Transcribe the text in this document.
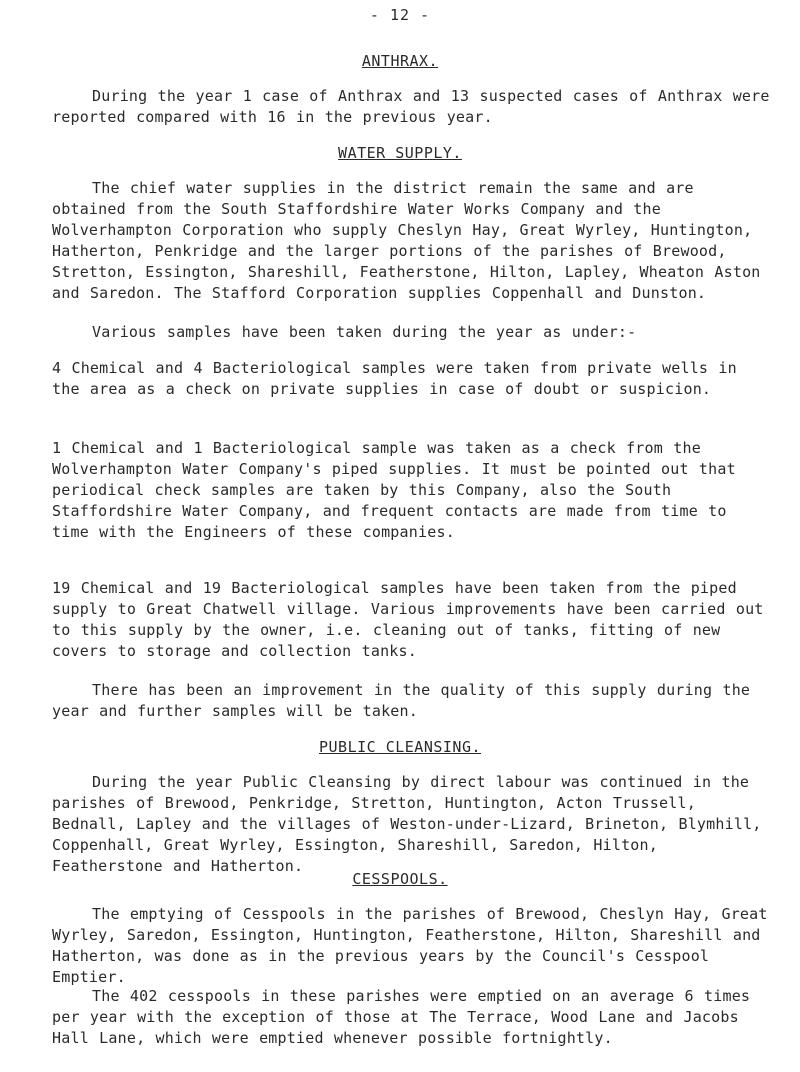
- 12 -
ANTHRAX.

During the year 1 case of Anthrax and 13 suspected cases of Anthrax were reported compared with 16 in the previous year.

WATER SUPPLY.

The chief water supplies in the district remain the same and are obtained from the South Staffordshire Water Works Company and the Wolverhampton Corporation who supply Cheslyn Hay, Great Wyrley, Huntington, Hatherton, Penkridge and the larger portions of the parishes of Brewood, Stretton, Essington, Shareshill, Featherstone, Hilton, Lapley, Wheaton Aston and Saredon. The Stafford Corporation supplies Coppenhall and Dunston.

Various samples have been taken during the year as under:-

4 Chemical and 4 Bacteriological samples were taken from private wells in the area as a check on private supplies in case of doubt or suspicion.

1 Chemical and 1 Bacteriological sample was taken as a check from the Wolverhampton Water Company's piped supplies. It must be pointed out that periodical check samples are taken by this Company, also the South Staffordshire Water Company, and frequent contacts are made from time to time with the Engineers of these companies.

19 Chemical and 19 Bacteriological samples have been taken from the piped supply to Great Chatwell village. Various improvements have been carried out to this supply by the owner, i.e. cleaning out of tanks, fitting of new covers to storage and collection tanks.

There has been an improvement in the quality of this supply during the year and further samples will be taken.

PUBLIC CLEANSING.

During the year Public Cleansing by direct labour was continued in the parishes of Brewood, Penkridge, Stretton, Huntington, Acton Trussell, Bednall, Lapley and the villages of Weston-under-Lizard, Brineton, Blymhill, Coppenhall, Great Wyrley, Essington, Shareshill, Saredon, Hilton, Featherstone and Hatherton.

CESSPOOLS.

The emptying of Cesspools in the parishes of Brewood, Cheslyn Hay, Great Wyrley, Saredon, Essington, Huntington, Featherstone, Hilton, Shareshill and Hatherton, was done as in the previous years by the Council's Cesspool Emptier.

The 402 cesspools in these parishes were emptied on an average 6 times per year with the exception of those at The Terrace, Wood Lane and Jacobs Hall Lane, which were emptied whenever possible fortnightly.
